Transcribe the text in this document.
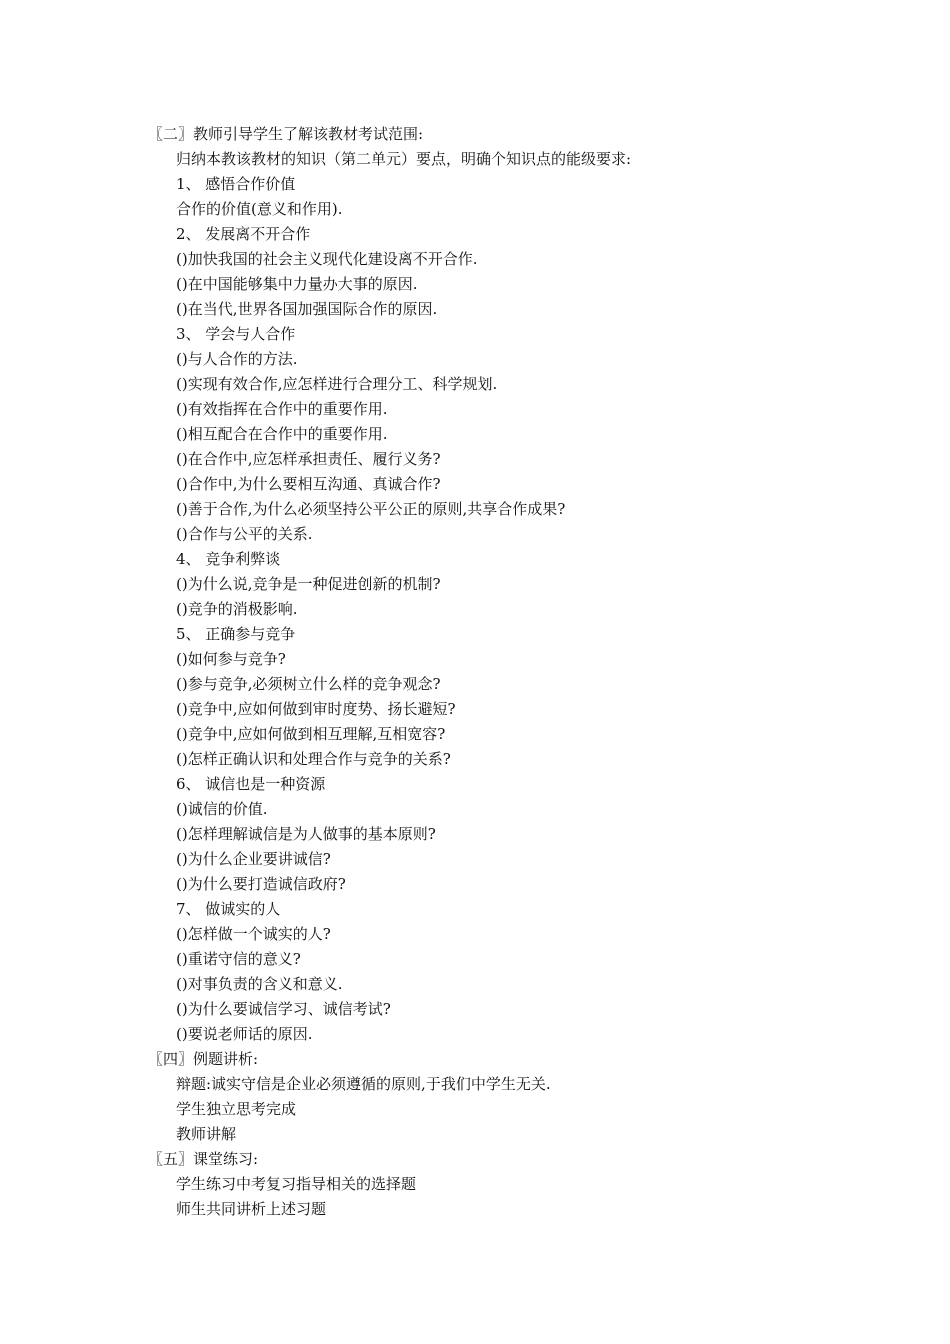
〖二〗教师引导学生了解该教材考试范围:
归纳本教该教材的知识（第二单元）要点，明确个知识点的能级要求:
1、 感悟合作价值
合作的价值(意义和作用).
2、 发展离不开合作
()加快我国的社会主义现代化建设离不开合作.
()在中国能够集中力量办大事的原因.
()在当代,世界各国加强国际合作的原因.
3、 学会与人合作
()与人合作的方法.
()实现有效合作,应怎样进行合理分工、科学规划.
()有效指挥在合作中的重要作用.
()相互配合在合作中的重要作用.
()在合作中,应怎样承担责任、履行义务?
()合作中,为什么要相互沟通、真诚合作?
()善于合作,为什么必须坚持公平公正的原则,共享合作成果?
()合作与公平的关系.
4、 竞争利弊谈
()为什么说,竞争是一种促进创新的机制?
()竞争的消极影响.
5、 正确参与竞争
()如何参与竞争?
()参与竞争,必须树立什么样的竞争观念?
()竞争中,应如何做到审时度势、扬长避短?
()竞争中,应如何做到相互理解,互相宽容?
()怎样正确认识和处理合作与竞争的关系?
6、 诚信也是一种资源
()诚信的价值.
()怎样理解诚信是为人做事的基本原则?
()为什么企业要讲诚信?
()为什么要打造诚信政府?
7、 做诚实的人
()怎样做一个诚实的人?
()重诺守信的意义?
()对事负责的含义和意义.
()为什么要诚信学习、诚信考试?
()要说老师话的原因.
〖四〗例题讲析:
辩题:诚实守信是企业必须遵循的原则,于我们中学生无关.
学生独立思考完成
教师讲解
〖五〗课堂练习:
学生练习中考复习指导相关的选择题
师生共同讲析上述习题
